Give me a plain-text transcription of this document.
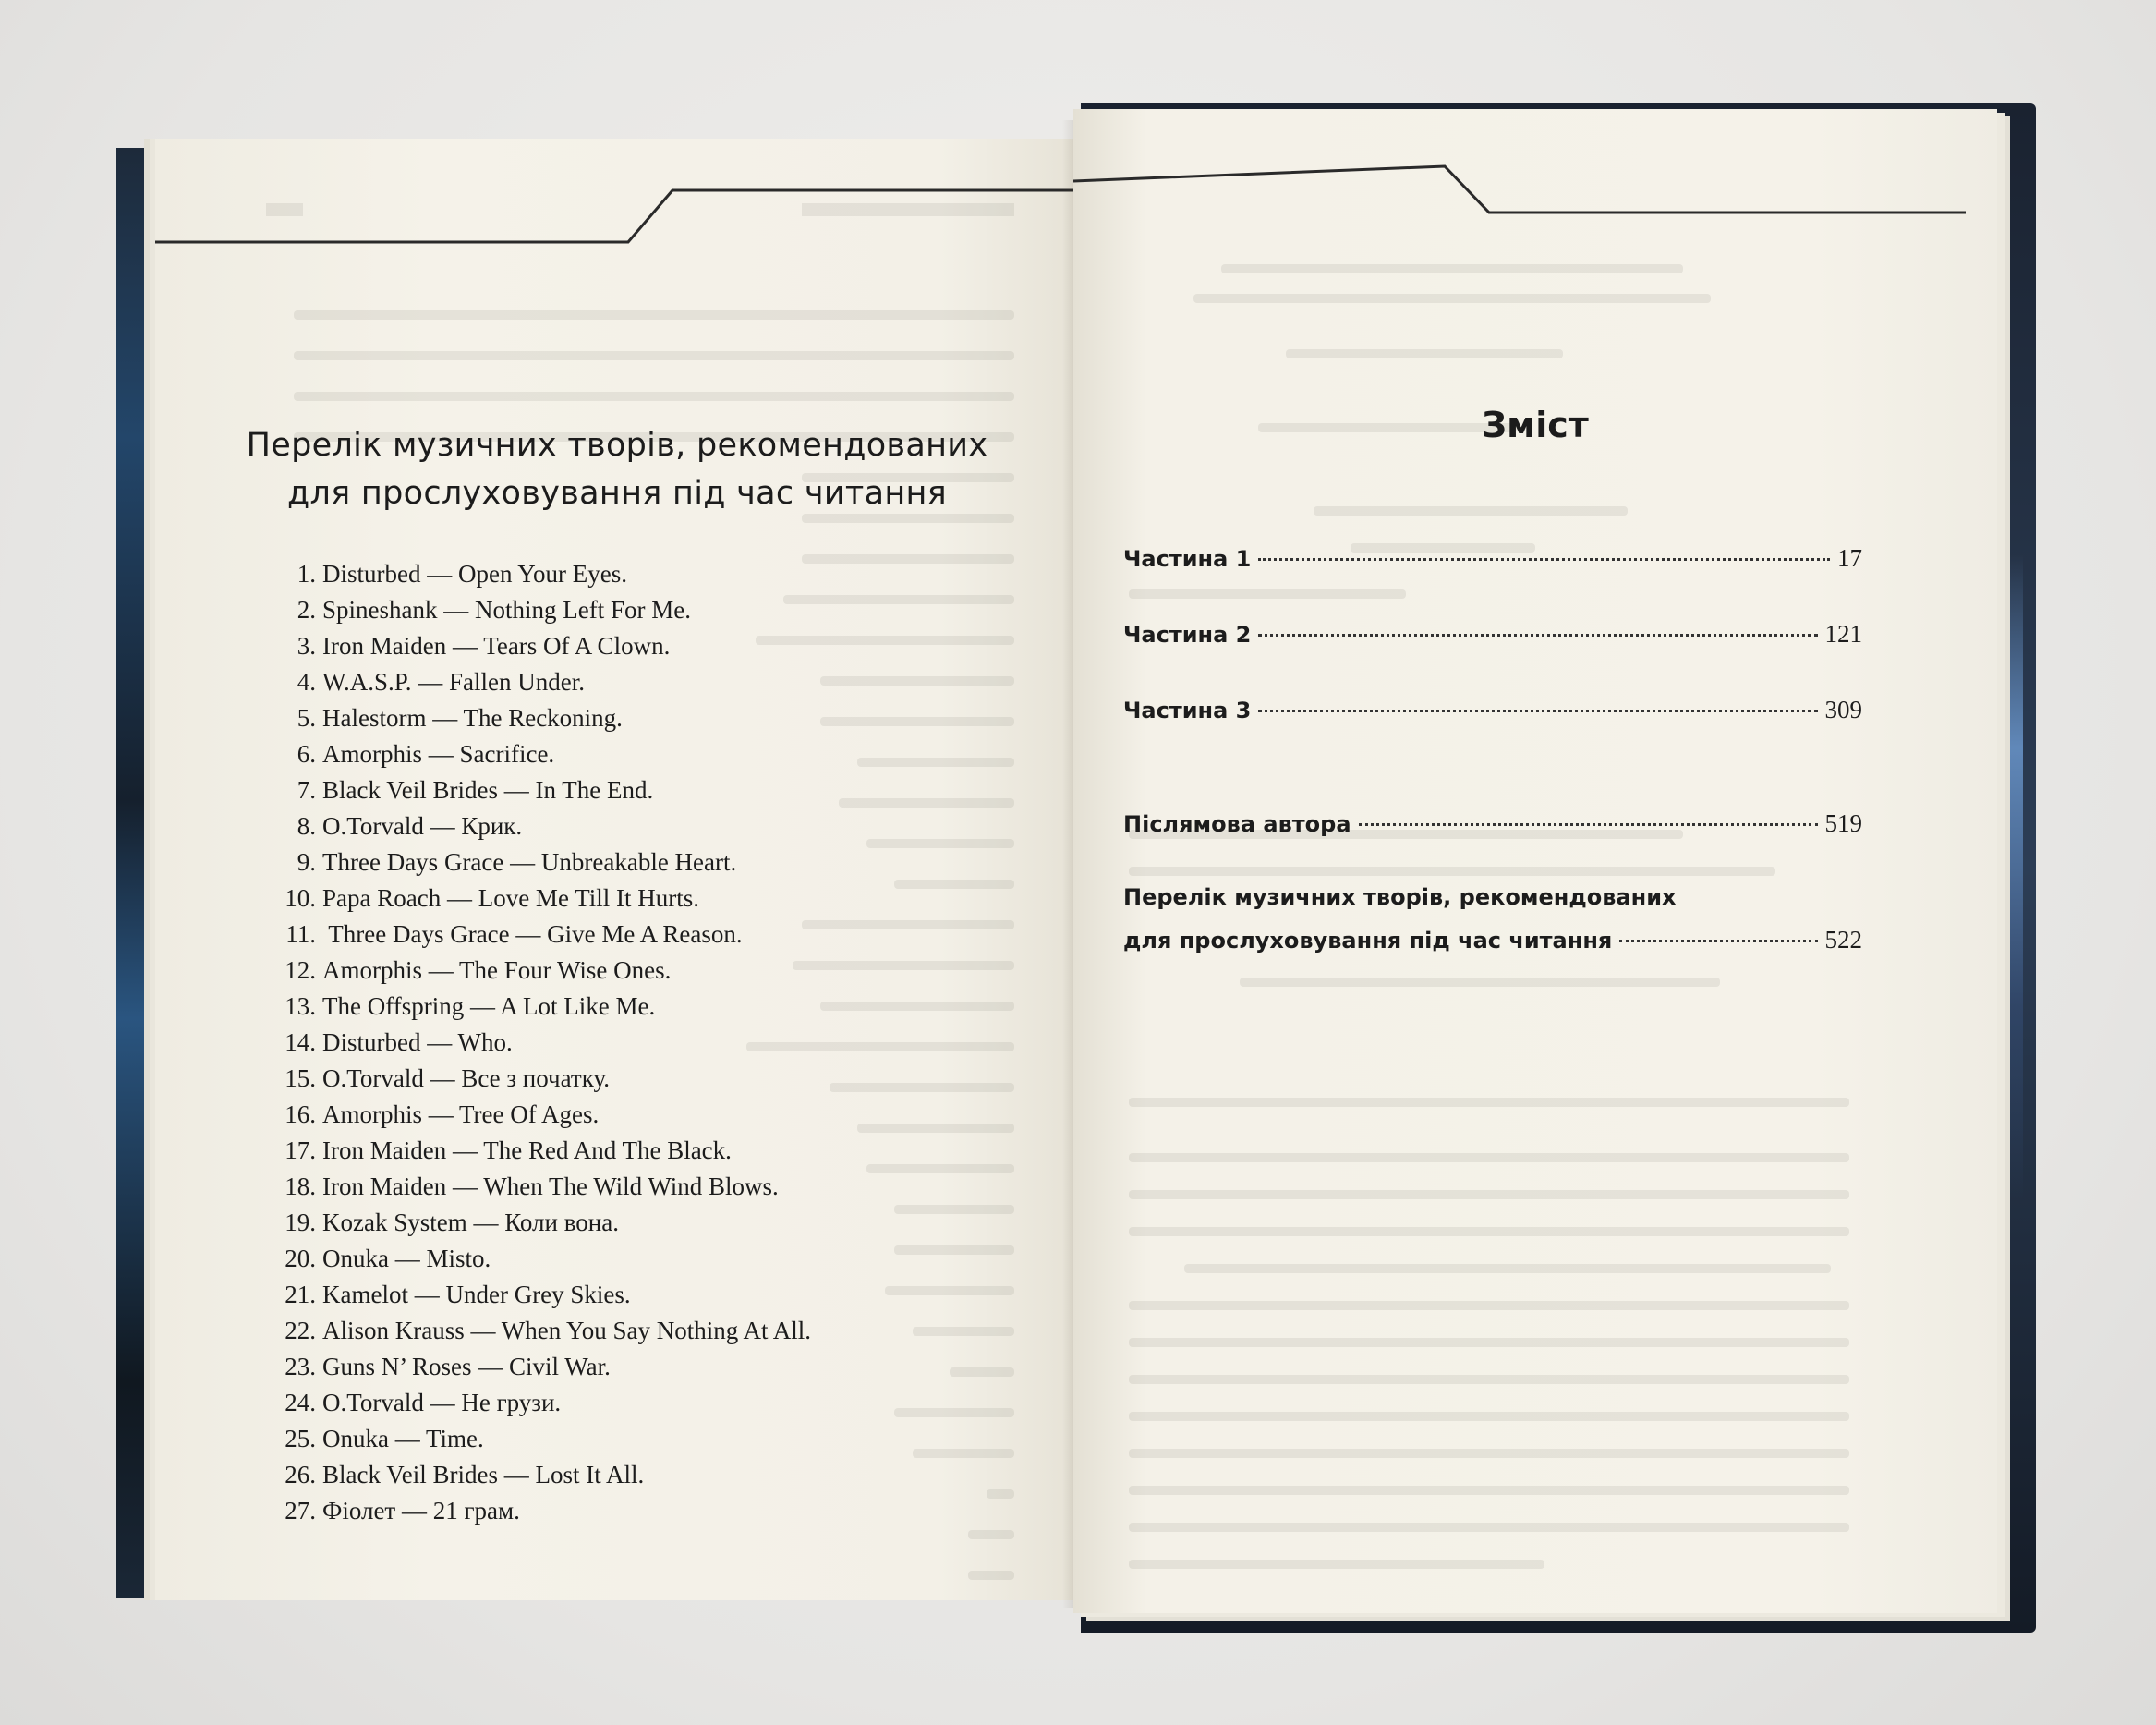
Перелік музичних творів, рекомендованих
для прослуховування під час читання
1. Disturbed — Open Your Eyes.
2. Spineshank — Nothing Left For Me.
3. Iron Maiden — Tears Of A Clown.
4. W.A.S.P. — Fallen Under.
5. Halestorm — The Reckoning.
6. Amorphis — Sacrifice.
7. Black Veil Brides — In The End.
8. O.Torvald — Крик.
9. Three Days Grace — Unbreakable Heart.
10. Papa Roach — Love Me Till It Hurts.
11. Three Days Grace — Give Me A Reason.
12. Amorphis — The Four Wise Ones.
13. The Offspring — A Lot Like Me.
14. Disturbed — Who.
15. O.Torvald — Все з початку.
16. Amorphis — Tree Of Ages.
17. Iron Maiden — The Red And The Black.
18. Iron Maiden — When The Wild Wind Blows.
19. Kozak System — Коли вона.
20. Onuka — Misto.
21. Kamelot — Under Grey Skies.
22. Alison Krauss — When You Say Nothing At All.
23. Guns N’ Roses — Civil War.
24. O.Torvald — Не грузи.
25. Onuka — Time.
26. Black Veil Brides — Lost It All.
27. Фіолет — 21 грам.
Зміст
Частина 1	17
Частина 2	121
Частина 3	309
Післямова автора	519
Перелік музичних творів, рекомендованих
для прослуховування під час читання	522
